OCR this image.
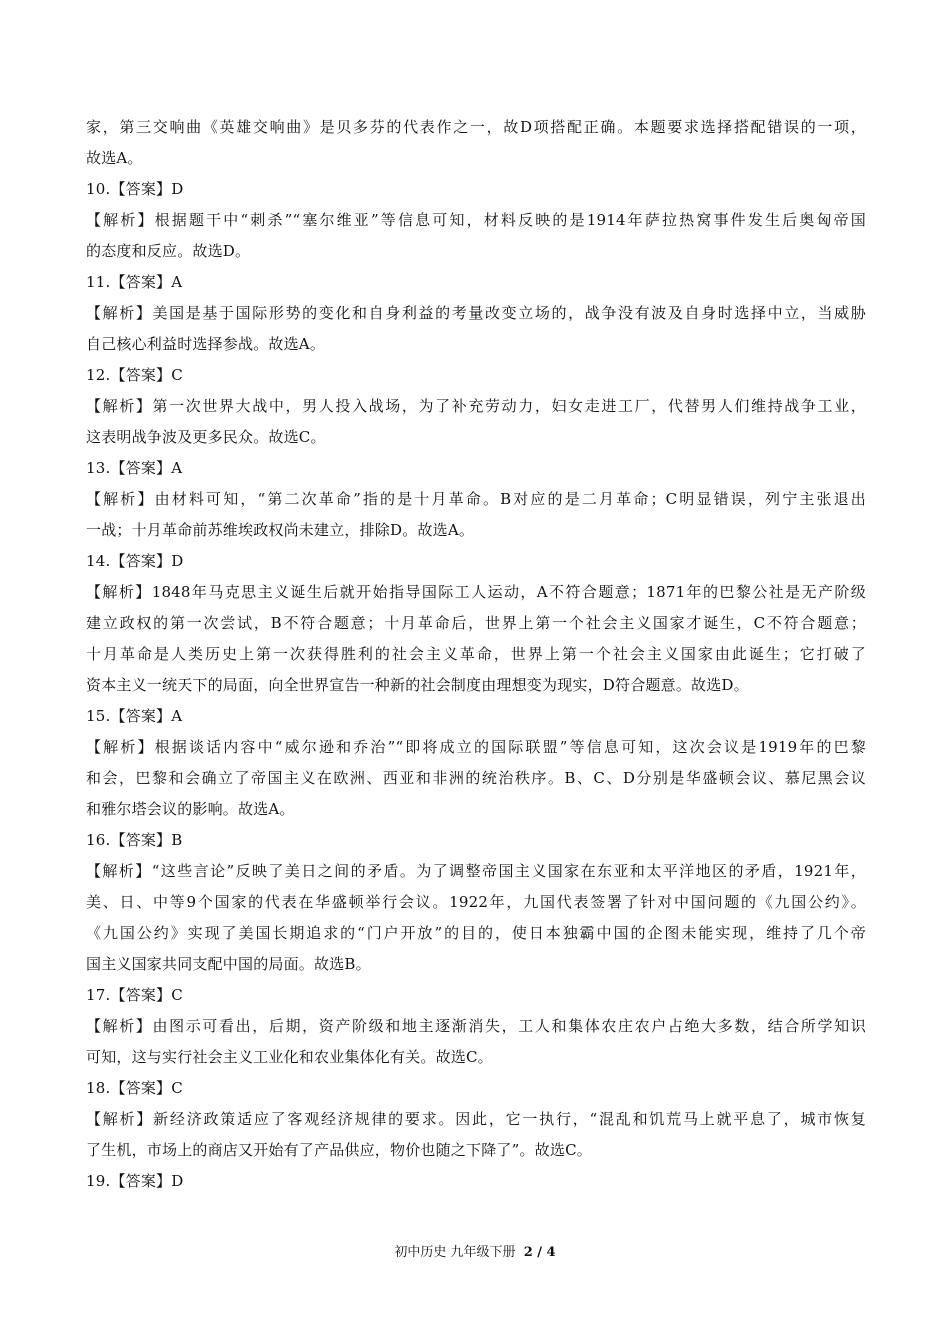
家，第三交响曲《英雄交响曲》是贝多芬的代表作之一，故D项搭配正确。本题要求选择搭配错误的一项，
故选A。
10.【答案】D
【解析】根据题干中“刺杀”“塞尔维亚”等信息可知，材料反映的是1914年萨拉热窝事件发生后奥匈帝国
的态度和反应。故选D。
11.【答案】A
【解析】美国是基于国际形势的变化和自身利益的考量改变立场的，战争没有波及自身时选择中立，当威胁
自己核心利益时选择参战。故选A。
12.【答案】C
【解析】第一次世界大战中，男人投入战场，为了补充劳动力，妇女走进工厂，代替男人们维持战争工业，
这表明战争波及更多民众。故选C。
13.【答案】A
【解析】由材料可知，“第二次革命”指的是十月革命。B对应的是二月革命；C明显错误，列宁主张退出
一战；十月革命前苏维埃政权尚未建立，排除D。故选A。
14.【答案】D
【解析】1848年马克思主义诞生后就开始指导国际工人运动，A不符合题意；1871年的巴黎公社是无产阶级
建立政权的第一次尝试，B不符合题意；十月革命后，世界上第一个社会主义国家才诞生，C不符合题意；
十月革命是人类历史上第一次获得胜利的社会主义革命，世界上第一个社会主义国家由此诞生；它打破了
资本主义一统天下的局面，向全世界宣告一种新的社会制度由理想变为现实，D符合题意。故选D。
15.【答案】A
【解析】根据谈话内容中“威尔逊和乔治”“即将成立的国际联盟”等信息可知，这次会议是1919年的巴黎
和会，巴黎和会确立了帝国主义在欧洲、西亚和非洲的统治秩序。B、C、D分别是华盛顿会议、慕尼黑会议
和雅尔塔会议的影响。故选A。
16.【答案】B
【解析】“这些言论”反映了美日之间的矛盾。为了调整帝国主义国家在东亚和太平洋地区的矛盾，1921年，
美、日、中等9个国家的代表在华盛顿举行会议。1922年，九国代表签署了针对中国问题的《九国公约》。
《九国公约》实现了美国长期追求的“门户开放”的目的，使日本独霸中国的企图未能实现，维持了几个帝
国主义国家共同支配中国的局面。故选B。
17.【答案】C
【解析】由图示可看出，后期，资产阶级和地主逐渐消失，工人和集体农庄农户占绝大多数，结合所学知识
可知，这与实行社会主义工业化和农业集体化有关。故选C。
18.【答案】C
【解析】新经济政策适应了客观经济规律的要求。因此，它一执行，“混乱和饥荒马上就平息了，城市恢复
了生机，市场上的商店又开始有了产品供应，物价也随之下降了”。故选C。
19.【答案】D
初中历史 九年级下册 2 / 4
